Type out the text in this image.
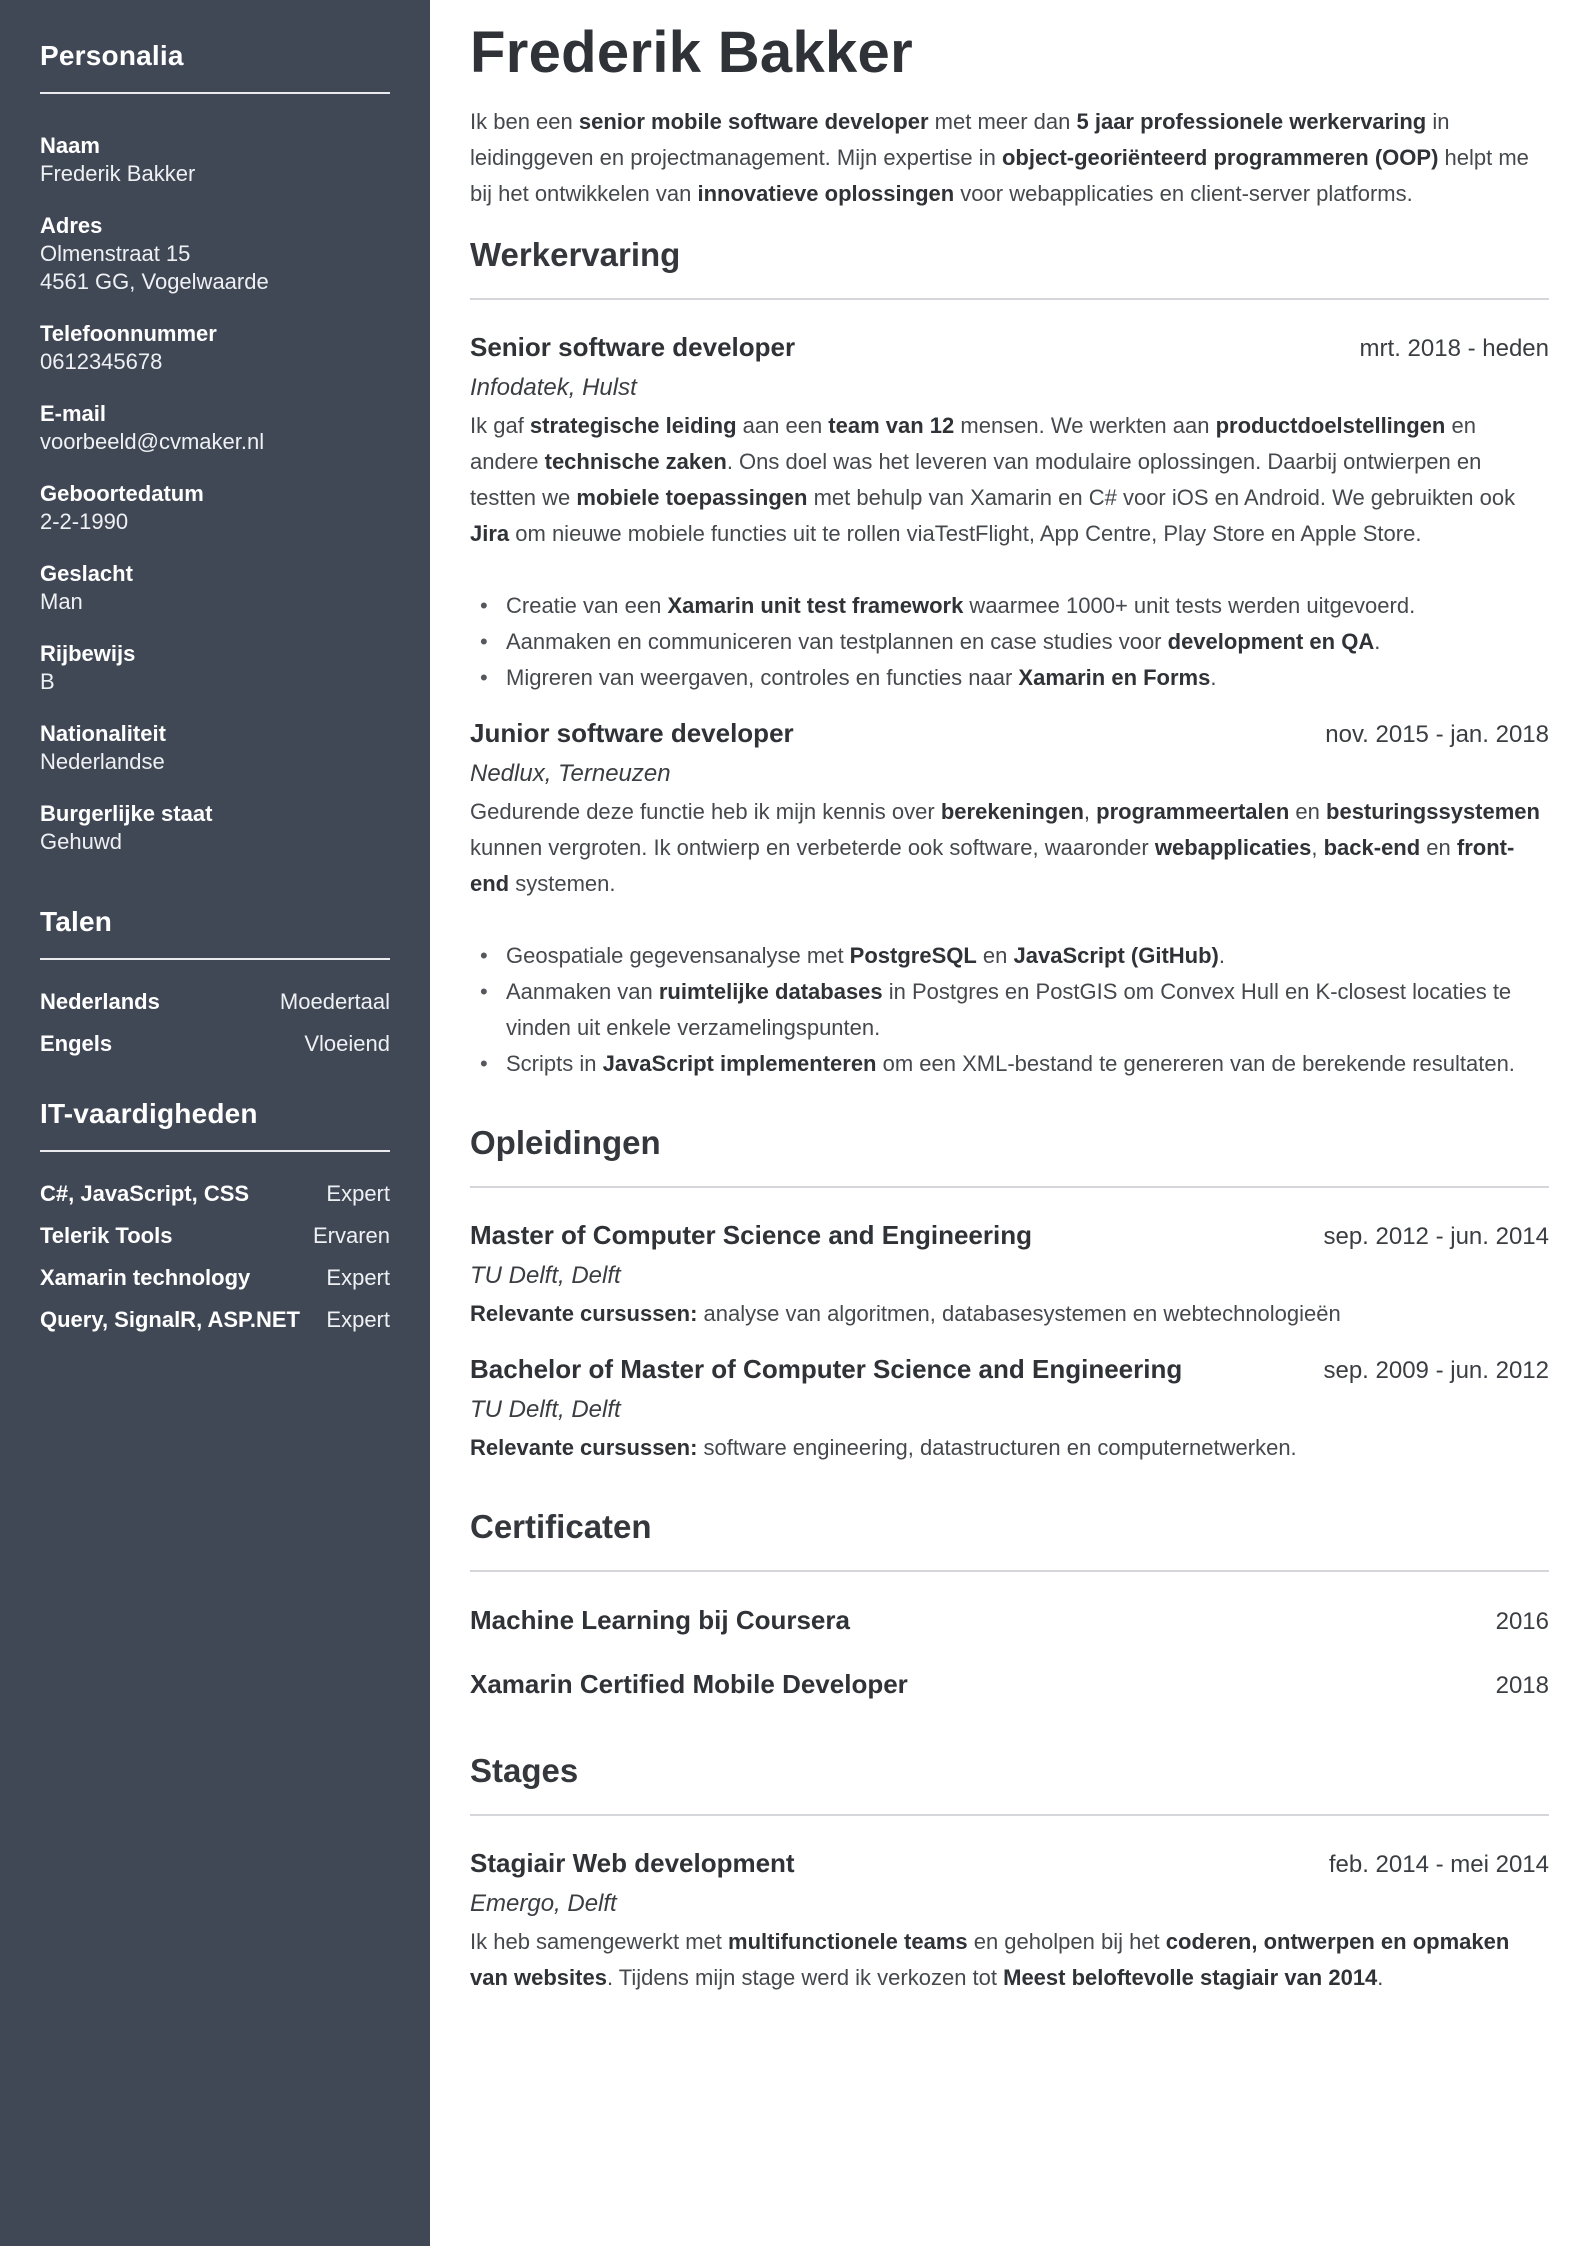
Personalia
Naam
Frederik Bakker
Adres
Olmenstraat 15
4561 GG, Vogelwaarde
Telefoonnummer
0612345678
E-mail
voorbeeld@cvmaker.nl
Geboortedatum
2-2-1990
Geslacht
Man
Rijbewijs
B
Nationaliteit
Nederlandse
Burgerlijke staat
Gehuwd
Talen
Nederlands	Moedertaal
Engels	Vloeiend
IT-vaardigheden
C#, JavaScript, CSS	Expert
Telerik Tools	Ervaren
Xamarin technology	Expert
Query, SignalR, ASP.NET Expert
Frederik Bakker

Ik ben een senior mobile software developer met meer dan 5 jaar professionele werkervaring in leidinggeven en projectmanagement. Mijn expertise in object-georiënteerd programmeren (OOP) helpt me bij het ontwikkelen van innovatieve oplossingen voor webapplicaties en client-server platforms.

Werkervaring
Senior software developer	mrt. 2018 - heden
Infodatek, Hulst

Ik gaf strategische leiding aan een team van 12 mensen. We werkten aan productdoelstellingen en andere technische zaken. Ons doel was het leveren van modulaire oplossingen. Daarbij ontwierpen en testten we mobiele toepassingen met behulp van Xamarin en C# voor iOS en Android. We gebruikten ook Jira om nieuwe mobiele functies uit te rollen viaTestFlight, App Centre, Play Store en Apple Store.

• Creatie van een Xamarin unit test framework waarmee 1000+ unit tests werden uitgevoerd.
• Aanmaken en communiceren van testplannen en case studies voor development en QA.
• Migreren van weergaven, controles en functies naar Xamarin en Forms.
Junior software developer	nov. 2015 - jan. 2018
Nedlux, Terneuzen

Gedurende deze functie heb ik mijn kennis over berekeningen, programmeertalen en besturingssystemen kunnen vergroten. Ik ontwierp en verbeterde ook software, waaronder webapplicaties, back-end en front-end systemen.

• Geospatiale gegevensanalyse met PostgreSQL en JavaScript (GitHub).
• Aanmaken van ruimtelijke databases in Postgres en PostGIS om Convex Hull en K-closest locaties te vinden uit enkele verzamelingspunten.
• Scripts in JavaScript implementeren om een XML-bestand te genereren van de berekende resultaten.
Opleidingen
Master of Computer Science and Engineering	sep. 2012 - jun. 2014
TU Delft, Delft

Relevante cursussen: analyse van algoritmen, databasesystemen en webtechnologieën

Bachelor of Master of Computer Science and Engineering	sep. 2009 - jun. 2012
TU Delft, Delft

Relevante cursussen: software engineering, datastructuren en computernetwerken.

Certificaten
Machine Learning bij Coursera	2016
Xamarin Certified Mobile Developer	2018
Stages
Stagiair Web development	feb. 2014 - mei 2014
Emergo, Delft

Ik heb samengewerkt met multifunctionele teams en geholpen bij het coderen, ontwerpen en opmaken van websites. Tijdens mijn stage werd ik verkozen tot Meest beloftevolle stagiair van 2014.
